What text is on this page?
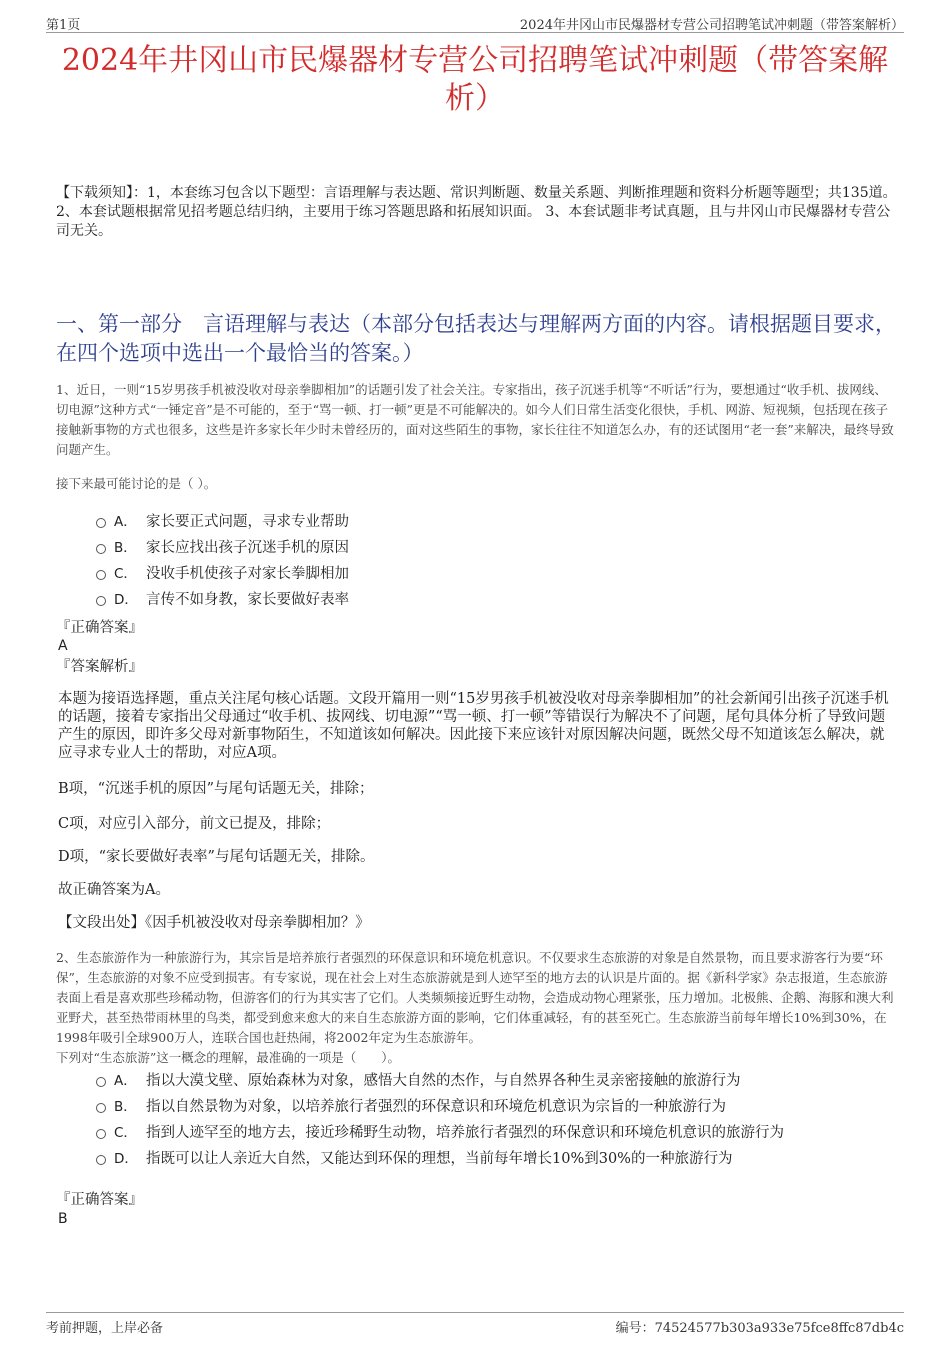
第1页	2024年井冈山市民爆器材专营公司招聘笔试冲刺题（带答案解析）
2024年井冈山市民爆器材专营公司招聘笔试冲刺题（带答案解析）
【下载须知】：1，本套练习包含以下题型：言语理解与表达题、常识判断题、数量关系题、判断推理题和资料分析题等题型；共135道。 2、本套试题根据常见招考题总结归纳，主要用于练习答题思路和拓展知识面。 3、本套试题非考试真题，且与井冈山市民爆器材专营公司无关。
一、第一部分　言语理解与表达（本部分包括表达与理解两方面的内容。请根据题目要求，在四个选项中选出一个最恰当的答案。）
1、近日，一则“15岁男孩手机被没收对母亲拳脚相加”的话题引发了社会关注。专家指出，孩子沉迷手机等“不听话”行为，要想通过“收手机、拔网线、切电源”这种方式“一锤定音”是不可能的，至于“骂一顿、打一顿”更是不可能解决的。如今人们日常生活变化很快，手机、网游、短视频，包括现在孩子接触新事物的方式也很多，这些是许多家长年少时未曾经历的，面对这些陌生的事物，家长往往不知道怎么办，有的还试图用“老一套”来解决，最终导致问题产生。
接下来最可能讨论的是（ ）。
A． 家长要正式问题，寻求专业帮助
B． 家长应找出孩子沉迷手机的原因
C． 没收手机使孩子对家长拳脚相加
D． 言传不如身教，家长要做好表率
『正确答案』
A
『答案解析』
本题为接语选择题，重点关注尾句核心话题。文段开篇用一则“15岁男孩手机被没收对母亲拳脚相加”的社会新闻引出孩子沉迷手机的话题，接着专家指出父母通过“收手机、拔网线、切电源”“骂一顿、打一顿”等错误行为解决不了问题，尾句具体分析了导致问题产生的原因，即许多父母对新事物陌生，不知道该如何解决。因此接下来应该针对原因解决问题，既然父母不知道该怎么解决，就应寻求专业人士的帮助，对应A项。
B项，“沉迷手机的原因”与尾句话题无关，排除；
C项，对应引入部分，前文已提及，排除；
D项，“家长要做好表率”与尾句话题无关，排除。
故正确答案为A。
【文段出处】《因手机被没收对母亲拳脚相加？》
2、生态旅游作为一种旅游行为，其宗旨是培养旅行者强烈的环保意识和环境危机意识。不仅要求生态旅游的对象是自然景物，而且要求游客行为要“环保”，生态旅游的对象不应受到损害。有专家说，现在社会上对生态旅游就是到人迹罕至的地方去的认识是片面的。据《新科学家》杂志报道，生态旅游表面上看是喜欢那些珍稀动物，但游客们的行为其实害了它们。人类频频接近野生动物，会造成动物心理紧张，压力增加。北极熊、企鹅、海豚和澳大利亚野犬，甚至热带雨林里的鸟类，都受到愈来愈大的来自生态旅游方面的影响，它们体重减轻，有的甚至死亡。生态旅游当前每年增长10%到30%，在1998年吸引全球900万人，连联合国也赶热闹，将2002年定为生态旅游年。
下列对“生态旅游”这一概念的理解，最准确的一项是（　　）。
A． 指以大漠戈壁、原始森林为对象，感悟大自然的杰作，与自然界各种生灵亲密接触的旅游行为
B． 指以自然景物为对象，以培养旅行者强烈的环保意识和环境危机意识为宗旨的一种旅游行为
C． 指到人迹罕至的地方去，接近珍稀野生动物，培养旅行者强烈的环保意识和环境危机意识的旅游行为
D． 指既可以让人亲近大自然，又能达到环保的理想，当前每年增长10%到30%的一种旅游行为
『正确答案』
B
考前押题，上岸必备	编号：74524577b303a933e75fce8ffc87db4c
